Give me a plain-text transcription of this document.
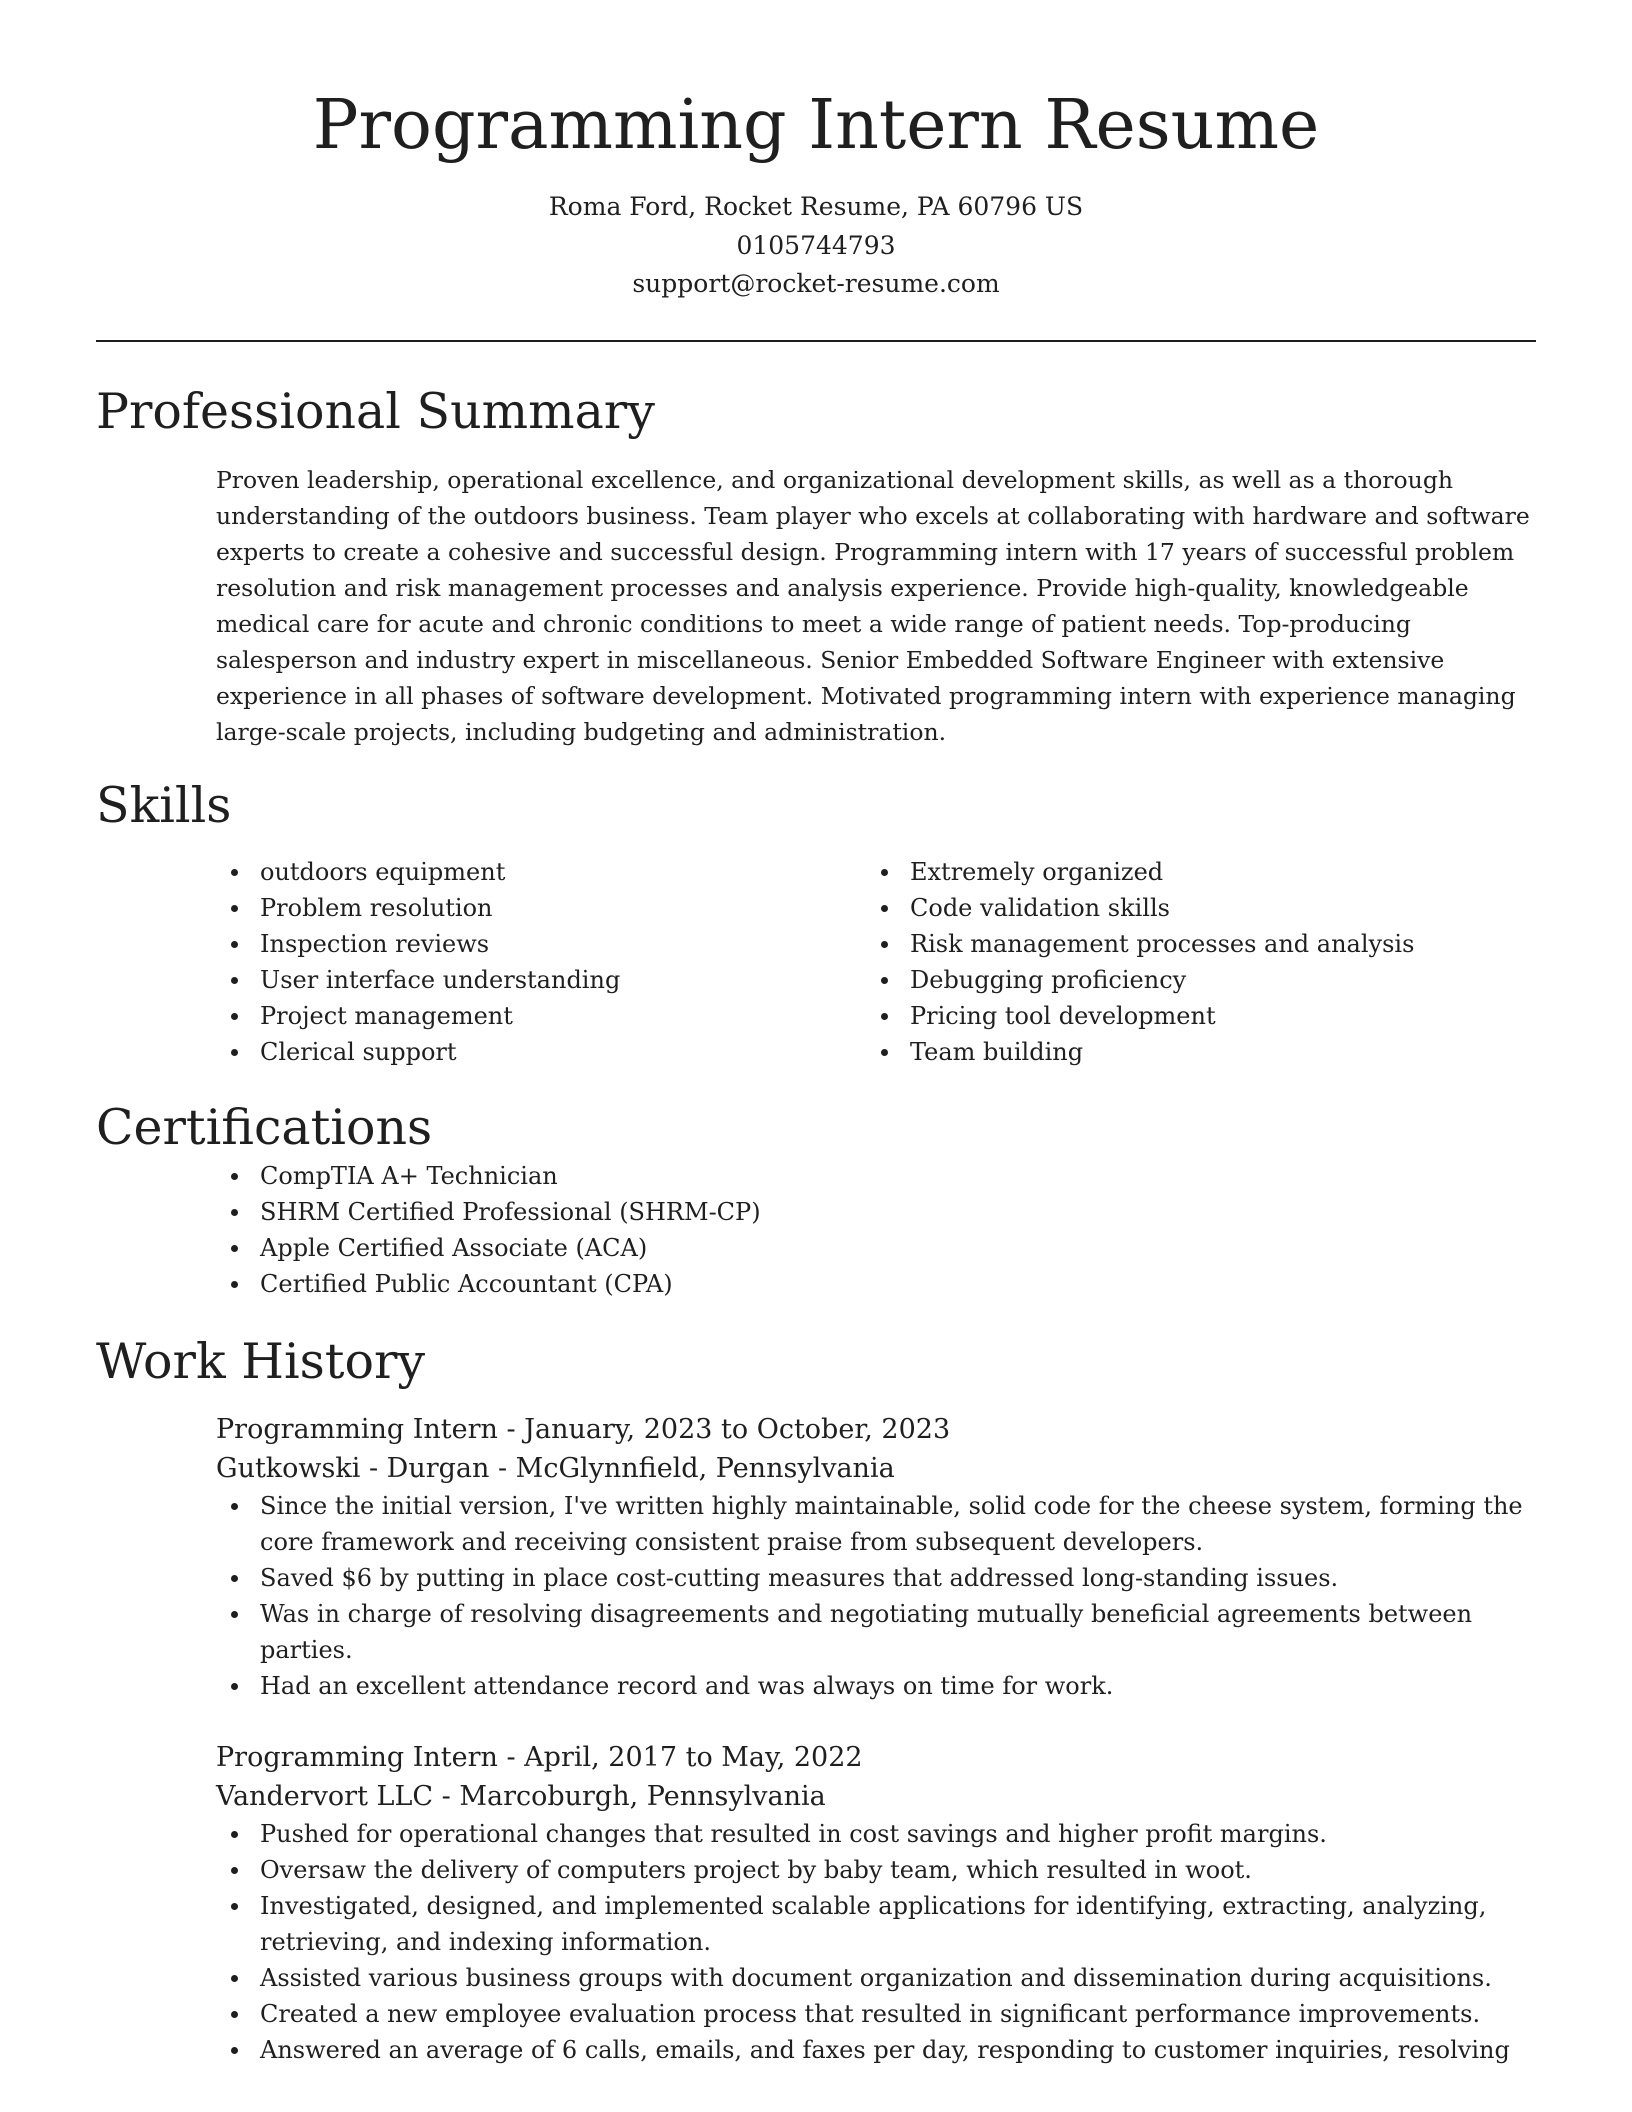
Programming Intern Resume
Roma Ford, Rocket Resume, PA 60796 US
0105744793
support@rocket-resume.com
Professional Summary
Proven leadership, operational excellence, and organizational development skills, as well as a thorough understanding of the outdoors business. Team player who excels at collaborating with hardware and software experts to create a cohesive and successful design. Programming intern with 17 years of successful problem resolution and risk management processes and analysis experience. Provide high-quality, knowledgeable medical care for acute and chronic conditions to meet a wide range of patient needs. Top-producing salesperson and industry expert in miscellaneous. Senior Embedded Software Engineer with extensive experience in all phases of software development. Motivated programming intern with experience managing large-scale projects, including budgeting and administration.
Skills
outdoors equipment
Problem resolution
Inspection reviews
User interface understanding
Project management
Clerical support
Extremely organized
Code validation skills
Risk management processes and analysis
Debugging proficiency
Pricing tool development
Team building
Certifications
CompTIA A+ Technician
SHRM Certified Professional (SHRM-CP)
Apple Certified Associate (ACA)
Certified Public Accountant (CPA)
Work History
Programming Intern - January, 2023 to October, 2023
Gutkowski - Durgan - McGlynnfield, Pennsylvania
Since the initial version, I've written highly maintainable, solid code for the cheese system, forming the core framework and receiving consistent praise from subsequent developers.
Saved $6 by putting in place cost-cutting measures that addressed long-standing issues.
Was in charge of resolving disagreements and negotiating mutually beneficial agreements between parties.
Had an excellent attendance record and was always on time for work.
Programming Intern - April, 2017 to May, 2022
Vandervort LLC - Marcoburgh, Pennsylvania
Pushed for operational changes that resulted in cost savings and higher profit margins.
Oversaw the delivery of computers project by baby team, which resulted in woot.
Investigated, designed, and implemented scalable applications for identifying, extracting, analyzing, retrieving, and indexing information.
Assisted various business groups with document organization and dissemination during acquisitions.
Created a new employee evaluation process that resulted in significant performance improvements.
Answered an average of 6 calls, emails, and faxes per day, responding to customer inquiries, resolving
